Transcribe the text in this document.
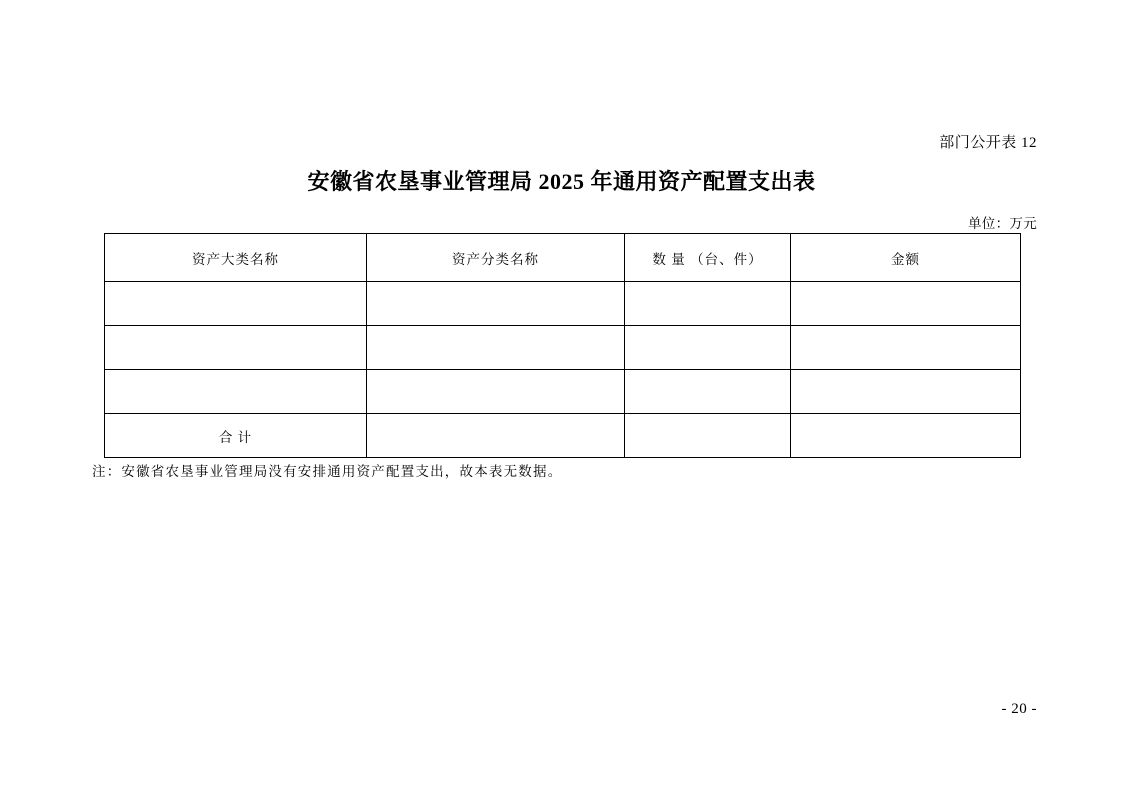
部门公开表 12
安徽省农垦事业管理局 2025 年通用资产配置支出表
单位：万元
资产大类名称	资产分类名称	数 量 （台、件）	金额

合 计			
注：安徽省农垦事业管理局没有安排通用资产配置支出，故本表无数据。
- 20 -
